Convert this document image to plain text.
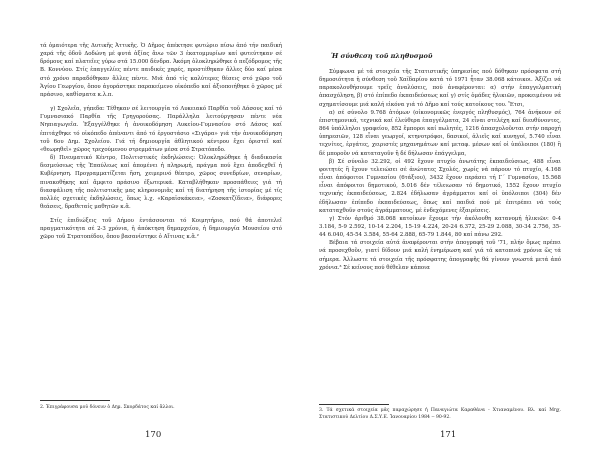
τά ὁμαιότερα τῆς Δυτικῆς Ἀττικῆς. Ὁ Δῆμος ἀπέκτησε φυτώριο πίσω ἀπό τήν παιδική χαρά τῆς ὁδοῦ Δοδώνη μέ φυτά ἀξίας ἄνω τῶν 3 ἑκατομμυρίων καί φυτεύτηκαν σέ δρόμους καί πλατεῖες γύρω στά 15.000 δένδρα. Ἀκόμη ὁλοκληρώθηκε ὁ πεζόδρομος τῆς Β. Κοννύου. Στίς ἐπαγγελίες πέντε παιδικές χαρές, προστέθηκαν ἄλλες δύο καί μέσα στό χρόνο παραδόθηκαν ἄλλες πέντε. Μιά ἀπό τίς καλύτερες θέσεις στό χῶρο τοῦ Ἁγίου Γεωργίου, ὅπου ἀγοράστηκε παρακείμενο οἰκόπεδο καί ἀξιοποιήθηκε ὁ χῶρος μέ πράσινο, καθίσματα κ.λ.π.

γ) Σχολεῖα, γήπεδα: Τέθηκαν σέ λειτουργία τό Λυκειακό Παρθία τοῦ Δάσους καί τό Γυμνασιακό Παρθία τῆς Γρηγορούσας. Παράλληλα λειτούργησαν πέντε νέα Νηπιαγωγεῖα. Ἐξαγγέλθηκε ἡ ἀνοικοδόμηση Λυκείου-Γυμνασίου στό Δάσος καί ἐπιτάχθηκε τό οἰκόπεδο ἀπέναντι ἀπό τό ἐργοστάσιο «Σιγάρα» γιά τήν ἀνοικοδόμηση τοῦ 6ου Δημ. Σχολείου. Γιά τή δημιουργία ἀθλητικού κέντρου ἔχει ὁριστεῖ καί «θεωρηθεῖ» χῶρος τρεχούμενου στρεμμάτων μέσα στό Στρατόπεδο.

δ) Πνευματικό Κέντρο, Πολιτιστικές ἐκδηλώσεις: Ὁλοκληρώθηκε ἡ διαδικασία δεσμεύσεως τῆς Ἐπαύλεως καί ἀπομένει ἡ πληρωμή, πράγμα πού ἔχει ἀποδεχθεῖ ἡ Κυβέρνηση. Προγραμματίζεται ἤση, χειμερινό θέατρο, χῶρος συνεδρίων, σεναρίων, πινακοθήκης καί ἄμφιτο πράσινο ἐξωτερικά. Καταβλήθηκαν προσπάθειες γιά τή διασφάλιση τῆς πολιτιστικῆς μας κληρονομιᾶς καί τή διατήρηση τῆς ἱστορίας μέ τίς πολλές σχετικές ἐκδηλώσεις, ὅπως λ.χ. «Καραϊσκάκεια», «Ζοσκατζίδεια», διάφορες θεάσεις, δραθεταίς μαθητῶν κ.ἄ.

Στίς ἐπιδιώξεις τοῦ Δήμου ἐντάσσονται τό Κοιμητήριο, πού θά ἀποτελεῖ πραγματικότητα σέ 2-3 χρόνια, ἡ ἀπόκτηση δημαρχείου, ἡ δημιουργία Μουσείου στό χῶρο τοῦ Στρατοπέδου, ὅπου βασανίστηκε ὁ Αἴτινας κ.ἄ.²

2. Ἐπιγράφουσα μοῦ δόνευν ὁ Δημ. Σκορδάτος καί ἄλλοι.

170
Ἡ σύνθεση τοῦ πληθυσμοῦ

Σύμφωνα μέ τά στοιχεία τῆς Στατιστικῆς ὑπηρεσίας πού δόθηκαν πρόσφατα στή δημοσιότητα ἡ σύνθεση τοῦ Χαϊδαρίου κατά τό 1971 ἦταν 38.068 κάτοικοι. Ἀξίζει νά παρακολουθήσουμε τρεῖς ἀναλύσεις, πού ἀναφέρονται: α) στήν ἐπαγγελματική ἀπασχόληση, β) στό ἐπίπεδο ἐκπαιδεύσεως καί γ) στίς ὁμάδες ἡλικιῶν, προκειμένου νά σχηματίσουμε μιά καλή εἰκόνα γιά τό Δῆμο καί τούς κατοίκους του. Ἔτσι,

α) σέ σύνολο 9.768 ἀτόμων (οἰκονομικῶς ἐνεργός πληθυσμός), 764 ἀνήκουν σέ ἐπιστημονικά, τεχνικά καί ἐλεύθερα ἐπαγγέλματα, 24 εἶναι στελέχη καί διευθύνοντες, 864 ὑπάλληλοι γραφείου, 852 ἔμποροι καί πωλητές, 1216 ἀπασχολοῦνται στήν παροχή ὑπηρεσιῶν, 128 εἶναι γεωργοί, κτηνοτρόφοι, δασικοί, ἁλιεῖς καί κυνηγοί, 5.740 εἶναι τεχνίτες, ἐργάτες, χειριστές μηχανημάτων καί μεταφ. μέσων καί οἱ ὑπόλοιποι (180) ἢ δέ μποροῦν νά καταταγοῦν ἢ δέ δήλωσαν ἐπάγγελμα,

β) Σέ σύνολο 32.292, οἱ 492 ἔχουν πτυχίο ἀνωτάτης ἐκπαιδεύσεως, 488 εἶναι φοιτητές ἢ ἔχουν τελειώσει σέ ἀνώτατες Σχολές, χωρίς νά πάρουν τό πτυχίο, 4.168 εἶναι ἀπόφοιτοι Γυμνασίου (6τάξιου), 3432 ἔχουν περάσει τή Γ΄ Γυμνασίου, 15.568 εἶναι ἀπόφοιτοι δημοτικού, 5.016 δέν τέλειωσαν τό δημοτικό, 1552 ἔχουν πτυχίο τεχνικής ἐκπαιδεύσεως, 2.824 ἐδήλωσαν ἀγράμματοι καί οἱ ὑπόλοιποι (304) δέν ἐδήλωσαν ἐπίπεδο ἐκπαιδεύσεως, ὅπως καί παιδιά πού μέ ἐπιτρέπει νά τούς καταταχθοῦν στούς ἀγράμματους, μέ ἐνδεχόμενες ἐξαιρέσεις.

γ) Στόν ἀριθμό 38.068 κατοίκων ἔχουμε τήν ἀκόλουθη κατανομή ἡλικιῶν: 0-4 3.184, 5-9 2.592, 10-14 2.204, 15-19 4.224, 20-24 6.372, 25-29 2.088, 30-34 2.756, 35-44 6.040, 45-54 3.584, 55-64 2.888, 65-79 1.844, 80 καί πάνω 292.

Βέβαια τά στοιχεία αὐτά ἀναφέρονται στήν ἀπογραφή τοῦ '71, πλήν ὅμως πρέπει νά προσεχθοῦν, γιατί δίδουν μιά καλή ἐνημέρωση καί γιά τά κατοπινά χρόνια ὥς τά σήμερα. Ἀλλωστε τά στοιχεία τῆς πρόσφατης ἀπογραφῆς θά γίνουν γνωστά μετά ἀπό χρόνια.³ Σέ κείνους πού θέθελαν κάποια

3. Τά σχετικά στοιχεία μᾶς παραχώρησε ἡ Παναγιώτα Καραθάνα - Χτιαναμένου. Βλ. καί Μηχ. Στατιστικού Δελτίου Δ.Σ.Υ.Ε. Ἰανουαρίου 1984 -- 90-92.

171
